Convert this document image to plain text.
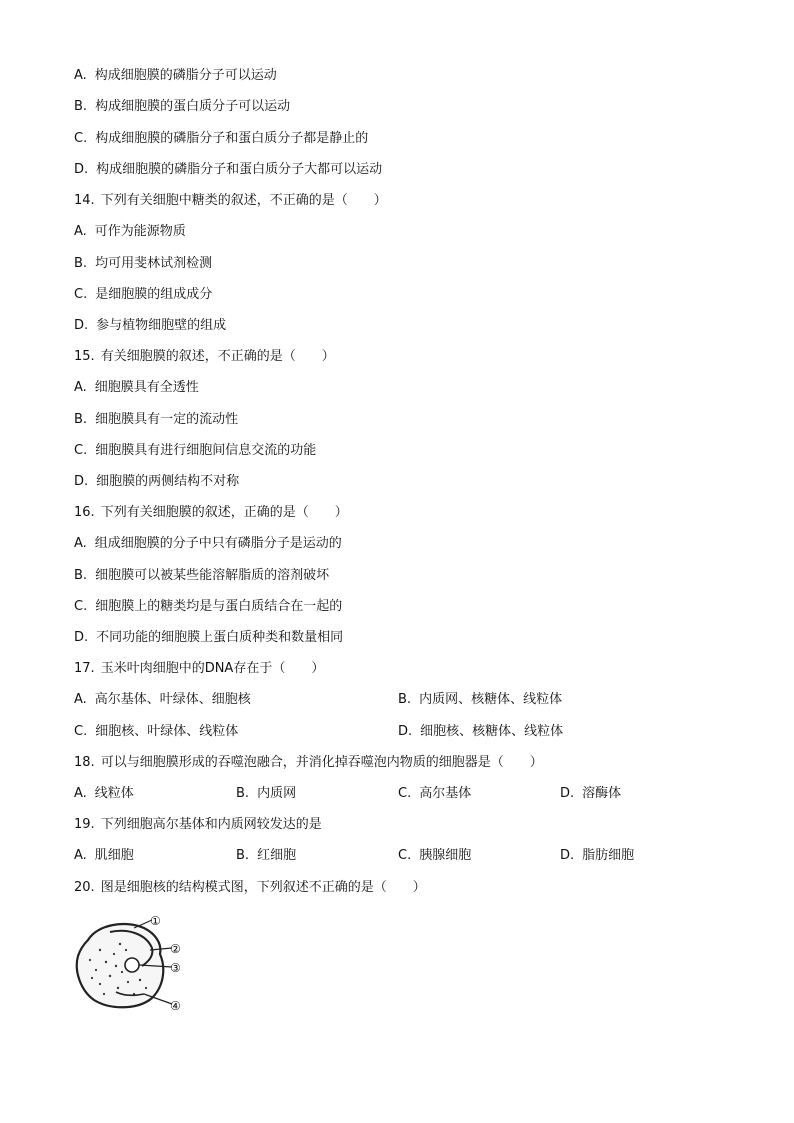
A. 构成细胞膜的磷脂分子可以运动
B. 构成细胞膜的蛋白质分子可以运动
C. 构成细胞膜的磷脂分子和蛋白质分子都是静止的
D. 构成细胞膜的磷脂分子和蛋白质分子大都可以运动
14. 下列有关细胞中糖类的叙述，不正确的是（　　）
A. 可作为能源物质
B. 均可用斐林试剂检测
C. 是细胞膜的组成成分
D. 参与植物细胞壁的组成
15. 有关细胞膜的叙述，不正确的是（　　）
A. 细胞膜具有全透性
B. 细胞膜具有一定的流动性
C. 细胞膜具有进行细胞间信息交流的功能
D. 细胞膜的两侧结构不对称
16. 下列有关细胞膜的叙述，正确的是（　　）
A. 组成细胞膜的分子中只有磷脂分子是运动的
B. 细胞膜可以被某些能溶解脂质的溶剂破坏
C. 细胞膜上的糖类均是与蛋白质结合在一起的
D. 不同功能的细胞膜上蛋白质种类和数量相同
17. 玉米叶肉细胞中的DNA存在于（　　）
A. 高尔基体、叶绿体、细胞核	B. 内质网、核糖体、线粒体
C. 细胞核、叶绿体、线粒体	D. 细胞核、核糖体、线粒体
18. 可以与细胞膜形成的吞噬泡融合，并消化掉吞噬泡内物质的细胞器是（　　）
A. 线粒体	B. 内质网	C. 高尔基体	D. 溶酶体
19. 下列细胞高尔基体和内质网较发达的是
A. 肌细胞	B. 红细胞	C. 胰腺细胞	D. 脂肪细胞
20. 图是细胞核的结构模式图，下列叙述不正确的是（　　）
①
②
③
④
